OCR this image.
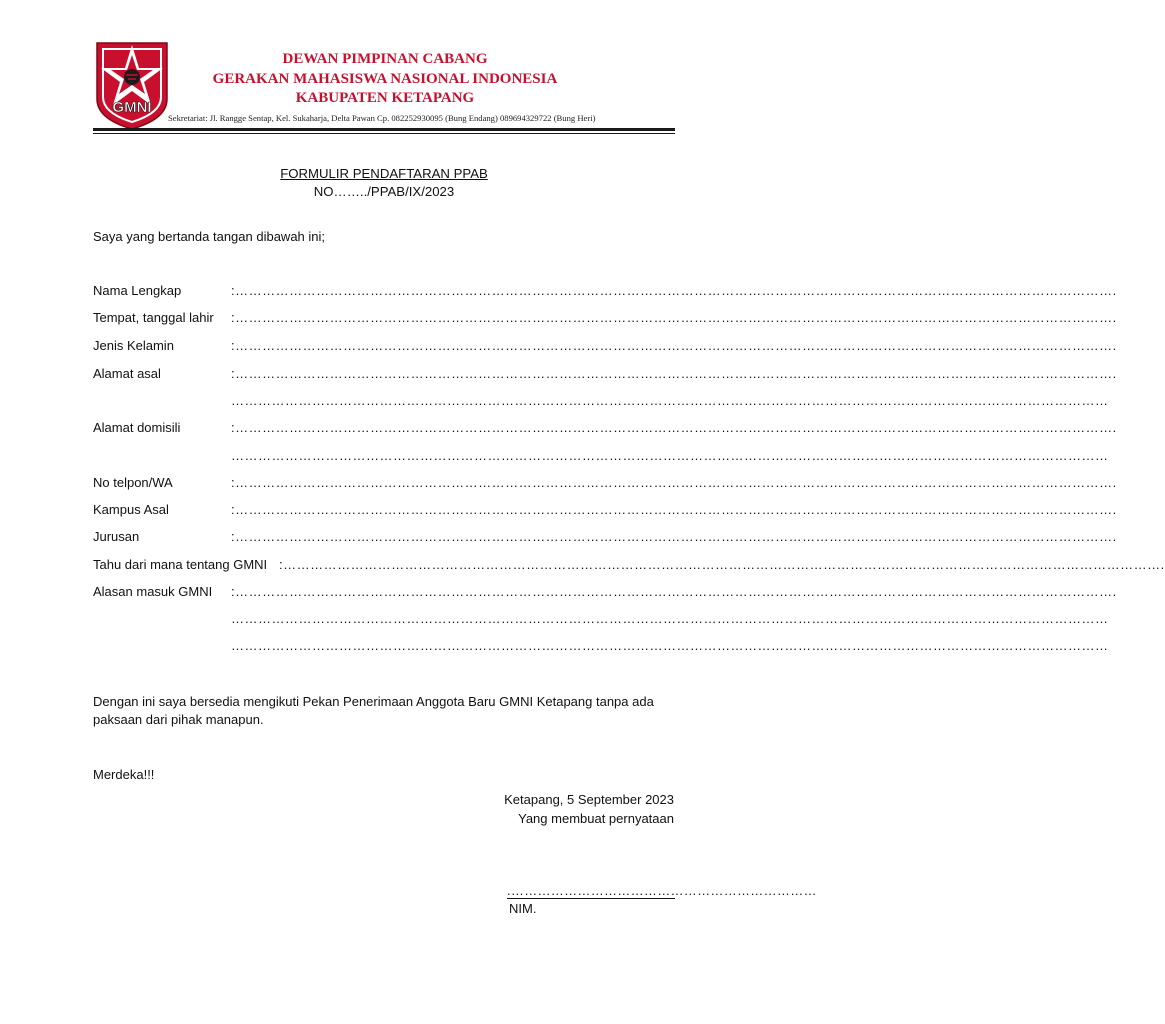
GMNI
DEWAN PIMPINAN CABANG
GERAKAN MAHASISWA NASIONAL INDONESIA
KABUPATEN KETAPANG
Sekretariat: Jl. Rangge Sentap, Kel. Sukaharja, Delta Pawan Cp. 082252930095 (Bung Endang) 089694329722 (Bung Heri)
FORMULIR PENDAFTARAN PPAB
NO……../PPAB/IX/2023
Saya yang bertanda tangan dibawah ini;
Nama Lengkap	:…………………………………………………………………………………………………………………………………………………………………………….
Tempat, tanggal lahir :…………………………………………………………………………………………………………………………………………………………………………….
Jenis Kelamin	:…………………………………………………………………………………………………………………………………………………………………………….
Alamat asal	:…………………………………………………………………………………………………………………………………………………………………………….
……………………………………………………………………………………………………………………………………………………………………………
Alamat domisili	:…………………………………………………………………………………………………………………………………………………………………………….
……………………………………………………………………………………………………………………………………………………………………………
No telpon/WA	:…………………………………………………………………………………………………………………………………………………………………………….
Kampus Asal	:…………………………………………………………………………………………………………………………………………………………………………….
Jurusan	:…………………………………………………………………………………………………………………………………………………………………………….
Tahu dari mana tentang GMNI :…………………………………………………………………………………………………………………………………………………………………………….
Alasan masuk GMNI :…………………………………………………………………………………………………………………………………………………………………………….
……………………………………………………………………………………………………………………………………………………………………………
……………………………………………………………………………………………………………………………………………………………………………
Dengan ini saya bersedia mengikuti Pekan Penerimaan Anggota Baru GMNI Ketapang tanpa ada
paksaan dari pihak manapun.
Merdeka!!!
Ketapang, 5 September 2023
Yang membuat pernyataan
.……………………………………………………………
NIM.
